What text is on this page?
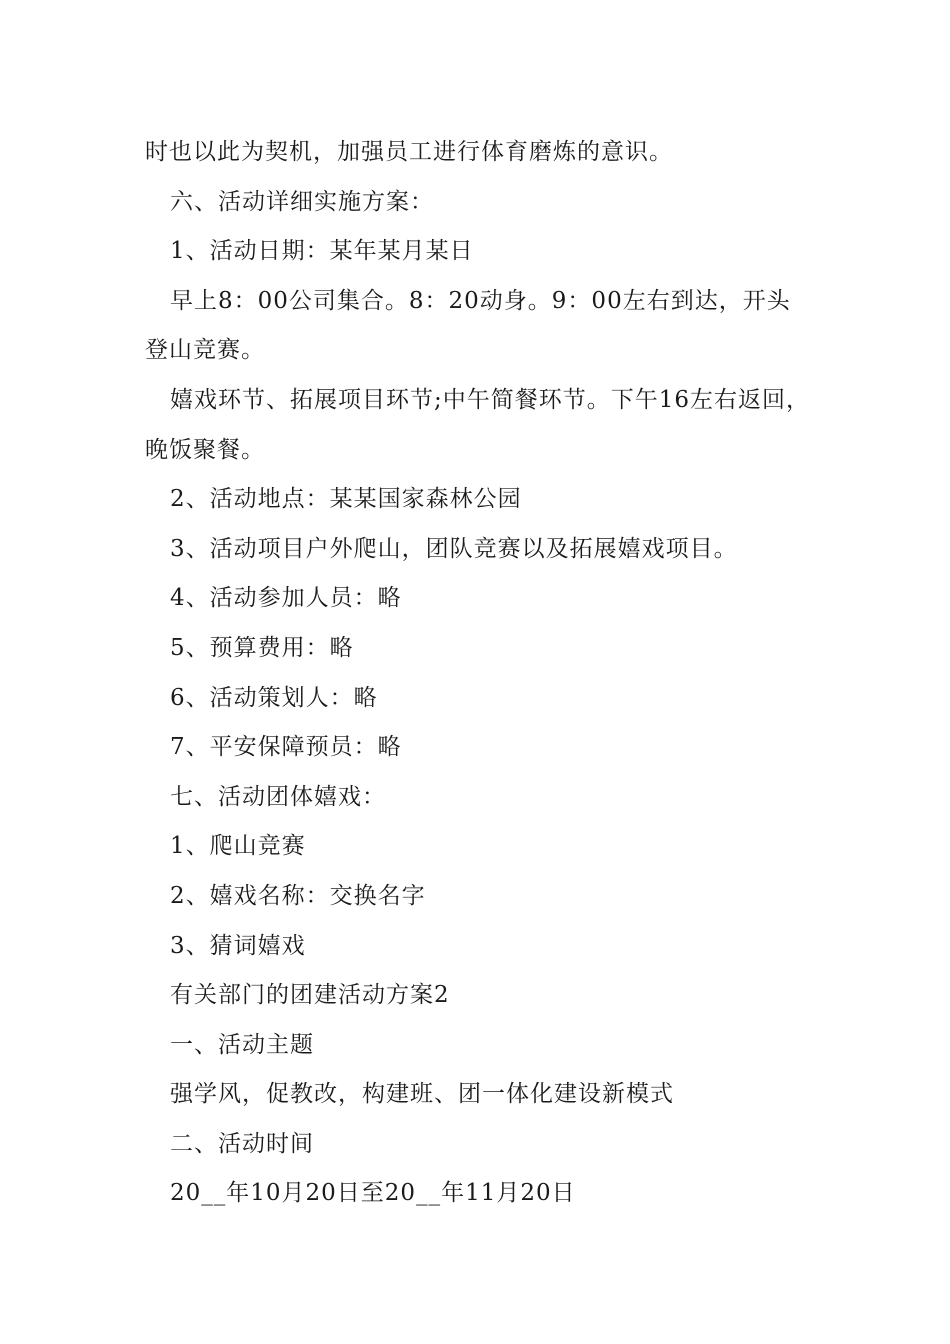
时也以此为契机，加强员工进行体育磨炼的意识。

六、活动详细实施方案：

1、活动日期：某年某月某日

早上8：00公司集合。8：20动身。9：00左右到达，开头登山竞赛。

嬉戏环节、拓展项目环节;中午简餐环节。下午16左右返回，晚饭聚餐。

2、活动地点：某某国家森林公园

3、活动项目户外爬山，团队竞赛以及拓展嬉戏项目。

4、活动参加人员：略

5、预算费用：略

6、活动策划人：略

7、平安保障预员：略

七、活动团体嬉戏：

1、爬山竞赛

2、嬉戏名称：交换名字

3、猜词嬉戏

有关部门的团建活动方案2

一、活动主题

强学风，促教改，构建班、团一体化建设新模式

二、活动时间

20__年10月20日至20__年11月20日
